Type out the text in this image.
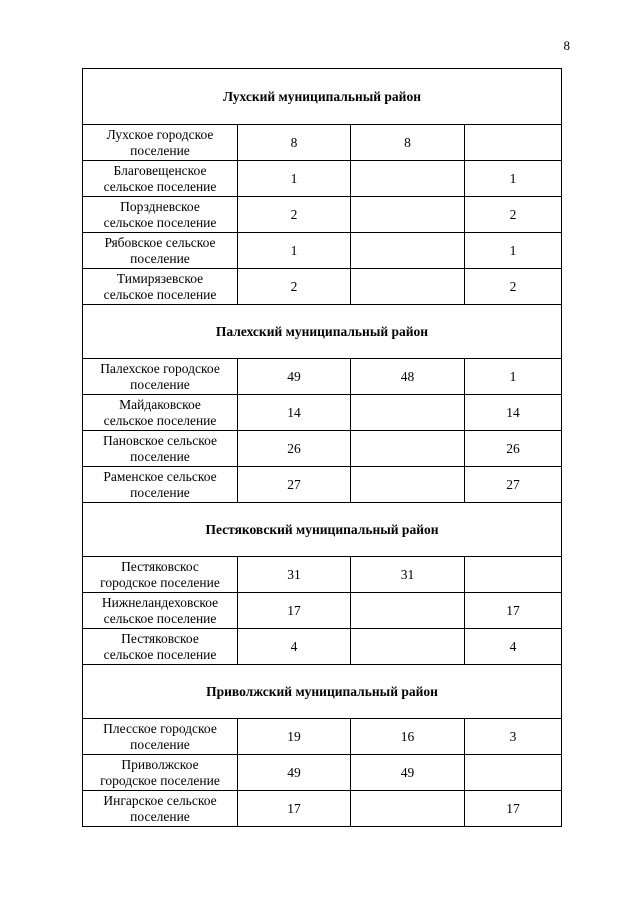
8
Лухский муниципальный район			

Лухское городское
поселение	8	8	

Благовещенское
сельское поселение	1		1

Порздневское
сельское поселение	2		2

Рябовское сельское
поселение	1		1

Тимирязевское
сельское поселение	2		2
Палехский муниципальный район			

Палехское городское
поселение	49	48	1

Майдаковское
сельское поселение	14		14

Пановское сельское
поселение	26		26

Раменское сельское
поселение	27		27
Пестяковский муниципальный район			

Пестяковскос
городское поселение	31	31	

Нижнеландеховское
сельское поселение	17		17

Пестяковское
сельское поселение	4		4
Приволжский муниципальный район			

Плесское городское
поселение	19	16	3

Приволжское
городское поселение	49	49	

Ингарское сельское
поселение	17		17
